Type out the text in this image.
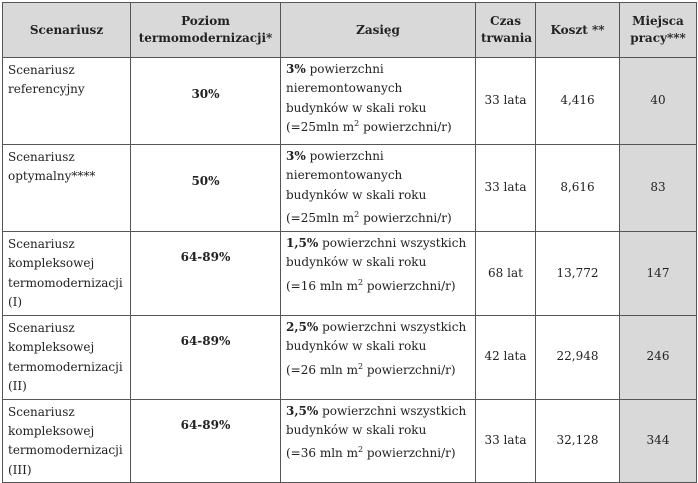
Scenariusz	Poziom termomodernizacji*	Zasięg	Czas trwania	Koszt **	Miejsca pracy***

Scenariusz
referencyjny	30%	3% powierzchni
nieremontowanych
budynków w skali roku
(=25mln $m^2$ powierzchni/r)	33 lata	4,416	40

Scenariusz
optymalny****	50%	3% powierzchni
nieremontowanych
budynków w skali roku
(=25mln $m^2$ powierzchni/r)	33 lata	8,616	83

Scenariusz
kompleksowej
termomodernizacji
(I)	64-89%	1,5% powierzchni wszystkich
budynków w skali roku
(=16 mln $m^2$ powierzchni/r)	68 lat	13,772	147

Scenariusz
kompleksowej
termomodernizacji
(II)	64-89%	2,5% powierzchni wszystkich
budynków w skali roku
(=26 mln $m^2$ powierzchni/r)	42 lata	22,948	246

Scenariusz
kompleksowej
termomodernizacji
(III)	64-89%	3,5% powierzchni wszystkich
budynków w skali roku
(=36 mln $m^2$ powierzchni/r)	33 lata	32,128	344
